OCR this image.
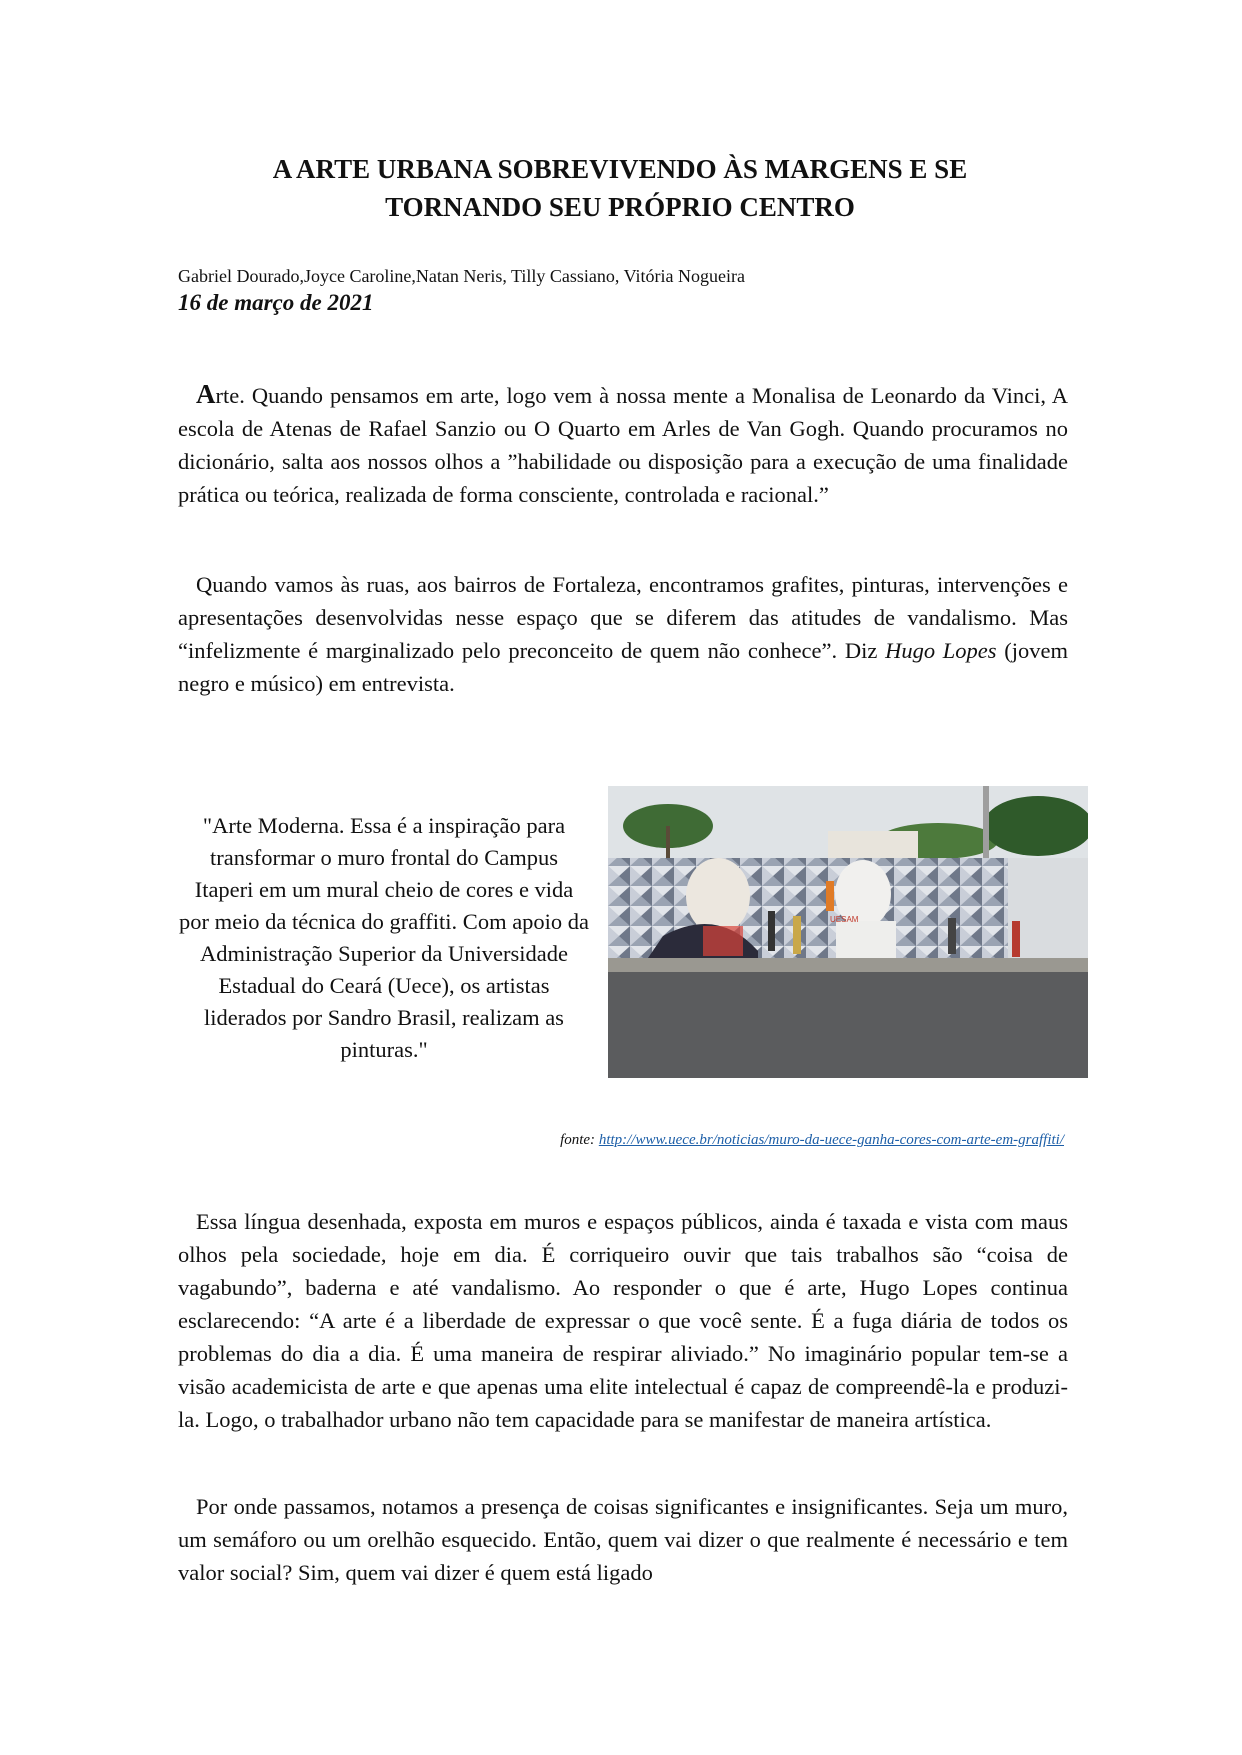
A ARTE URBANA SOBREVIVENDO ÀS MARGENS E SE
TORNANDO SEU PRÓPRIO CENTRO
Gabriel Dourado,Joyce Caroline,Natan Neris, Tilly Cassiano, Vitória Nogueira
16 de março de 2021

Arte. Quando pensamos em arte, logo vem à nossa mente a Monalisa de Leonardo da Vinci, A escola de Atenas de Rafael Sanzio ou O Quarto em Arles de Van Gogh. Quando procuramos no dicionário, salta aos nossos olhos a ”habilidade ou disposição para a execução de uma finalidade prática ou teórica, realizada de forma consciente, controlada e racional.”

Quando vamos às ruas, aos bairros de Fortaleza, encontramos grafites, pinturas, intervenções e apresentações desenvolvidas nesse espaço que se diferem das atitudes de vandalismo. Mas “infelizmente é marginalizado pelo preconceito de quem não conhece”. Diz Hugo Lopes (jovem negro e músico) em entrevista.

"Arte Moderna. Essa é a inspiração para transformar o muro frontal do Campus Itaperi em um mural cheio de cores e vida por meio da técnica do graffiti. Com apoio da Administração Superior da Universidade Estadual do Ceará (Uece), os artistas liderados por Sandro Brasil, realizam as pinturas."

UESAM
fonte: http://www.uece.br/noticias/muro-da-uece-ganha-cores-com-arte-em-graffiti/

Essa língua desenhada, exposta em muros e espaços públicos, ainda é taxada e vista com maus olhos pela sociedade, hoje em dia. É corriqueiro ouvir que tais trabalhos são “coisa de vagabundo”, baderna e até vandalismo. Ao responder o que é arte, Hugo Lopes continua esclarecendo: “A arte é a liberdade de expressar o que você sente. É a fuga diária de todos os problemas do dia a dia. É uma maneira de respirar aliviado.” No imaginário popular tem-se a visão academicista de arte e que apenas uma elite intelectual é capaz de compreendê-la e produzi-la. Logo, o trabalhador urbano não tem capacidade para se manifestar de maneira artística.

Por onde passamos, notamos a presença de coisas significantes e insignificantes. Seja um muro, um semáforo ou um orelhão esquecido. Então, quem vai dizer o que realmente é necessário e tem valor social? Sim, quem vai dizer é quem está ligado
